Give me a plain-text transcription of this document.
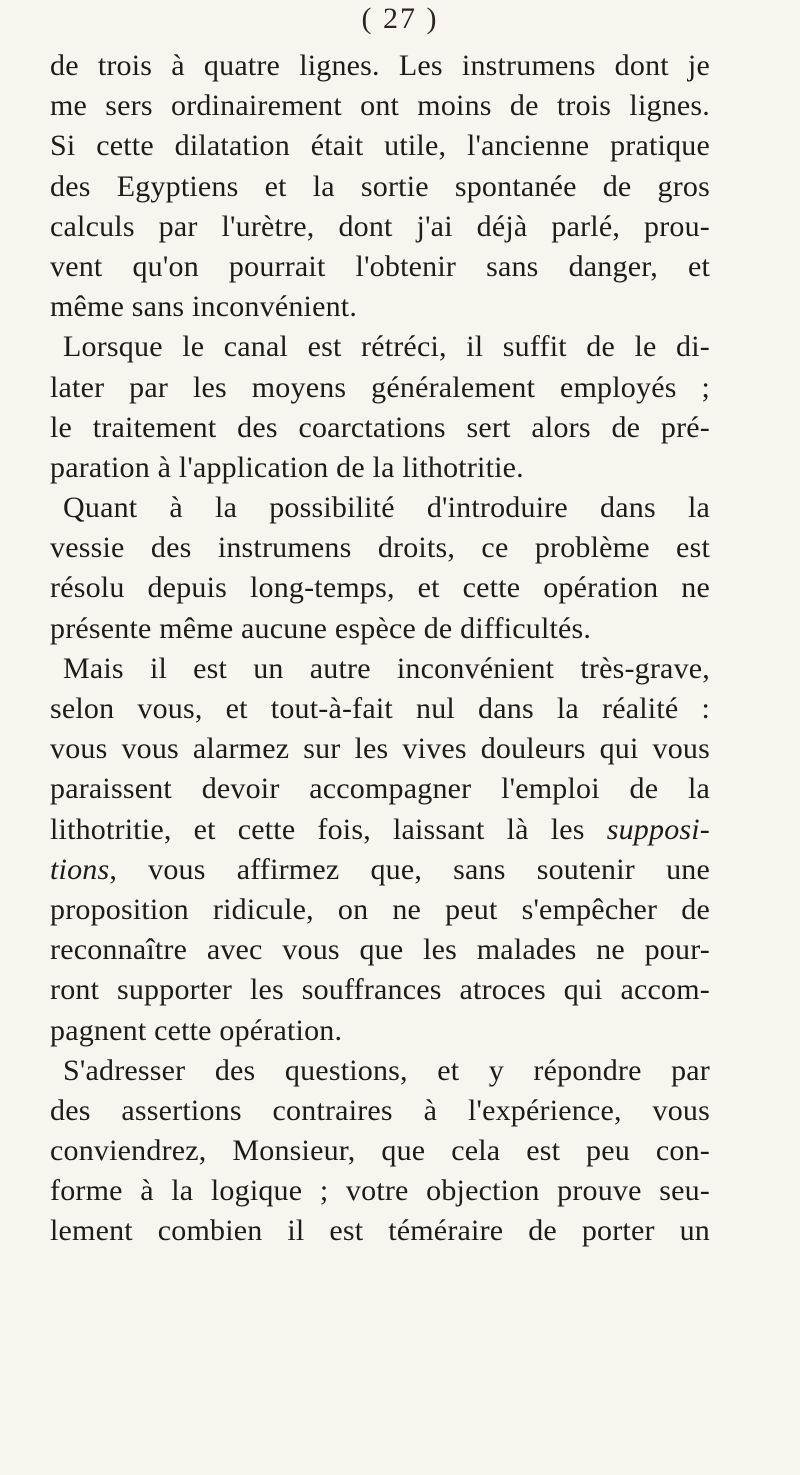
( 27 )
de trois à quatre lignes. Les instrumens dont je
me sers ordinairement ont moins de trois lignes.
Si cette dilatation était utile, l'ancienne pratique
des Egyptiens et la sortie spontanée de gros
calculs par l'urètre, dont j'ai déjà parlé, prou-
vent qu'on pourrait l'obtenir sans danger, et
même sans inconvénient.
Lorsque le canal est rétréci, il suffit de le di-
later par les moyens généralement employés ;
le traitement des coarctations sert alors de pré-
paration à l'application de la lithotritie.
Quant à la possibilité d'introduire dans la
vessie des instrumens droits, ce problème est
résolu depuis long-temps, et cette opération ne
présente même aucune espèce de difficultés.
Mais il est un autre inconvénient très-grave,
selon vous, et tout-à-fait nul dans la réalité :
vous vous alarmez sur les vives douleurs qui vous
paraissent devoir accompagner l'emploi de la
lithotritie, et cette fois, laissant là les supposi-
tions, vous affirmez que, sans soutenir une
proposition ridicule, on ne peut s'empêcher de
reconnaître avec vous que les malades ne pour-
ront supporter les souffrances atroces qui accom-
pagnent cette opération.
S'adresser des questions, et y répondre par
des assertions contraires à l'expérience, vous
conviendrez, Monsieur, que cela est peu con-
forme à la logique ; votre objection prouve seu-
lement combien il est téméraire de porter un
